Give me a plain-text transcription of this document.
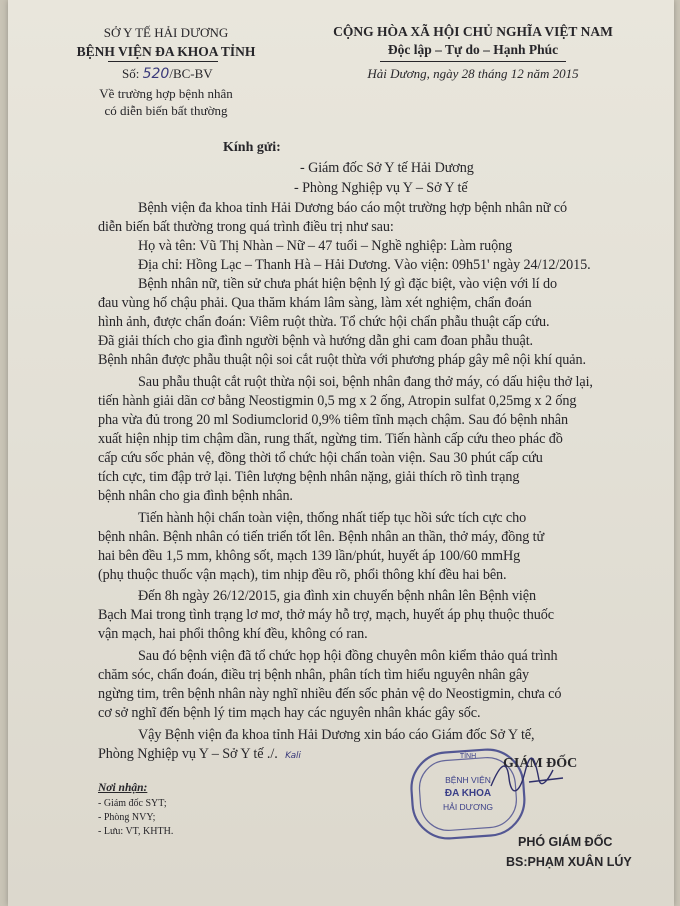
SỞ Y TẾ HẢI DƯƠNG
BỆNH VIỆN ĐA KHOA TỈNH
Số: 520/BC-BV
Về trường hợp bệnh nhân
có diễn biến bất thường
CỘNG HÒA XÃ HỘI CHỦ NGHĨA VIỆT NAM
Độc lập – Tự do – Hạnh Phúc
Hải Dương, ngày 28 tháng 12 năm 2015
Kính gửi:
- Giám đốc Sở Y tế Hải Dương
- Phòng Nghiệp vụ Y – Sở Y tế
Bệnh viện đa khoa tỉnh Hải Dương báo cáo một trường hợp bệnh nhân nữ có
diễn biến bất thường trong quá trình điều trị như sau:
Họ và tên: Vũ Thị Nhàn – Nữ – 47 tuổi – Nghề nghiệp: Làm ruộng
Địa chỉ: Hồng Lạc – Thanh Hà – Hải Dương. Vào viện: 09h51' ngày 24/12/2015.
Bệnh nhân nữ, tiền sử chưa phát hiện bệnh lý gì đặc biệt, vào viện với lí do
đau vùng hố chậu phải. Qua thăm khám lâm sàng, làm xét nghiệm, chẩn đoán
hình ảnh, được chẩn đoán: Viêm ruột thừa. Tổ chức hội chẩn phẫu thuật cấp cứu.
Đã giải thích cho gia đình người bệnh và hướng dẫn ghi cam đoan phẫu thuật.
Bệnh nhân được phẫu thuật nội soi cắt ruột thừa với phương pháp gây mê nội khí quản.
Sau phẫu thuật cắt ruột thừa nội soi, bệnh nhân đang thở máy, có dấu hiệu thở lại,
tiến hành giải dãn cơ bằng Neostigmin 0,5 mg x 2 ống, Atropin sulfat 0,25mg x 2 ống
pha vừa đủ trong 20 ml Sodiumclorid 0,9% tiêm tĩnh mạch chậm. Sau đó bệnh nhân
xuất hiện nhịp tim chậm dần, rung thất, ngừng tim. Tiến hành cấp cứu theo phác đồ
cấp cứu sốc phản vệ, đồng thời tổ chức hội chẩn toàn viện. Sau 30 phút cấp cứu
tích cực, tim đập trở lại. Tiên lượng bệnh nhân nặng, giải thích rõ tình trạng
bệnh nhân cho gia đình bệnh nhân.
Tiến hành hội chẩn toàn viện, thống nhất tiếp tục hồi sức tích cực cho
bệnh nhân. Bệnh nhân có tiến triển tốt lên. Bệnh nhân an thần, thở máy, đồng tử
hai bên đều 1,5 mm, không sốt, mạch 139 lần/phút, huyết áp 100/60 mmHg
(phụ thuộc thuốc vận mạch), tim nhịp đều rõ, phổi thông khí đều hai bên.
Đến 8h ngày 26/12/2015, gia đình xin chuyển bệnh nhân lên Bệnh viện
Bạch Mai trong tình trạng lơ mơ, thở máy hỗ trợ, mạch, huyết áp phụ thuộc thuốc
vận mạch, hai phổi thông khí đều, không có ran.
Sau đó bệnh viện đã tổ chức họp hội đồng chuyên môn kiểm thảo quá trình
chăm sóc, chẩn đoán, điều trị bệnh nhân, phân tích tìm hiểu nguyên nhân gây
ngừng tim, trên bệnh nhân này nghĩ nhiều đến sốc phản vệ do Neostigmin, chưa có
cơ sở nghĩ đến bệnh lý tim mạch hay các nguyên nhân khác gây sốc.
Vậy Bệnh viện đa khoa tỉnh Hải Dương xin báo cáo Giám đốc Sở Y tế,
Phòng Nghiệp vụ Y – Sở Y tế ./. Kali
Nơi nhận:
- Giám đốc SYT;
- Phòng NVY;
- Lưu: VT, KHTH.
TỈNH
BỆNH VIỆN
ĐA KHOA
HẢI DƯƠNG
GIÁM ĐỐC
PHÓ GIÁM ĐỐC
BS:PHẠM XUÂN LÚY
